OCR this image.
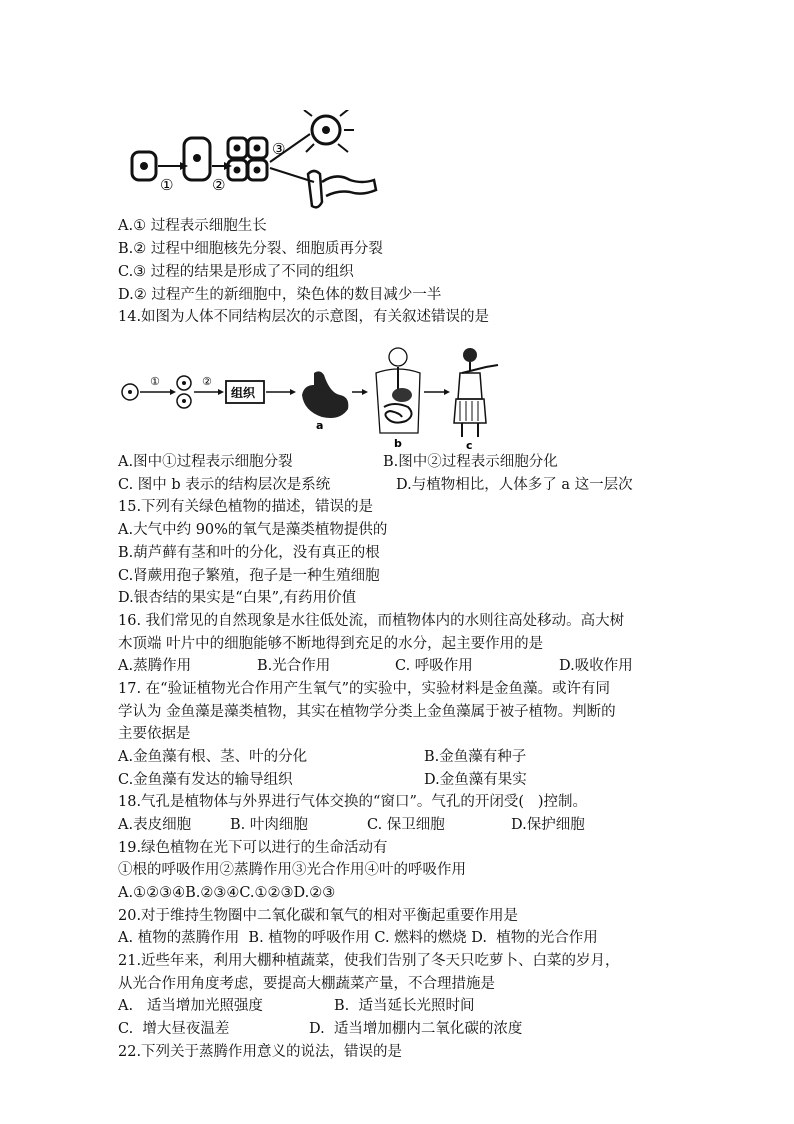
①	②
③
A.① 过程表示细胞生长
B.② 过程中细胞核先分裂、细胞质再分裂
C.③ 过程的结果是形成了不同的组织
D.② 过程产生的新细胞中，染色体的数目减少一半
14.如图为人体不同结构层次的示意图，有关叙述错误的是
①	②
组织
a
b	c

A.图中①过程表示细胞分裂

	B.图中②过程表示细胞分化

C. 图中 b 表示的结构层次是系统

	D.与植物相比，人体多了 a 这一层次

15.下列有关绿色植物的描述，错误的是
A.大气中约 90%的氧气是藻类植物提供的
B.葫芦藓有茎和叶的分化，没有真正的根
C.肾蕨用孢子繁殖，孢子是一种生殖细胞
D.银杏结的果实是“白果”,有药用价值
16. 我们常见的自然现象是水往低处流，而植物体内的水则往高处移动。高大树
木顶端 叶片中的细胞能够不断地得到充足的水分，起主要作用的是

A.蒸腾作用

	B.光合作用

	C. 呼吸作用

	D.吸收作用

17. 在“验证植物光合作用产生氧气”的实验中，实验材料是金鱼藻。或许有同
学认为 金鱼藻是藻类植物，其实在植物学分类上金鱼藻属于被子植物。判断的
主要依据是

A.金鱼藻有根、茎、叶的分化

	B.金鱼藻有种子

C.金鱼藻有发达的输导组织

	D.金鱼藻有果实

18.气孔是植物体与外界进行气体交换的“窗口”。气孔的开闭受(   )控制。

A.表皮细胞

	B. 叶肉细胞

	C. 保卫细胞

	D.保护细胞

19.绿色植物在光下可以进行的生命活动有
①根的呼吸作用②蒸腾作用③光合作用④叶的呼吸作用
A.①②③④B.②③④C.①②③D.②③
20.对于维持生物圈中二氧化碳和氧气的相对平衡起重要作用是
A. 植物的蒸腾作用  B. 植物的呼吸作用 C. 燃料的燃烧 D.  植物的光合作用
21.近些年来，利用大棚种植蔬菜，使我们告别了冬天只吃萝卜、白菜的岁月，
从光合作用角度考虑，要提高大棚蔬菜产量，不合理措施是

A.   适当增加光照强度

	B.  适当延长光照时间

C.  增大昼夜温差

	D.  适当增加棚内二氧化碳的浓度

22.下列关于蒸腾作用意义的说法，错误的是
